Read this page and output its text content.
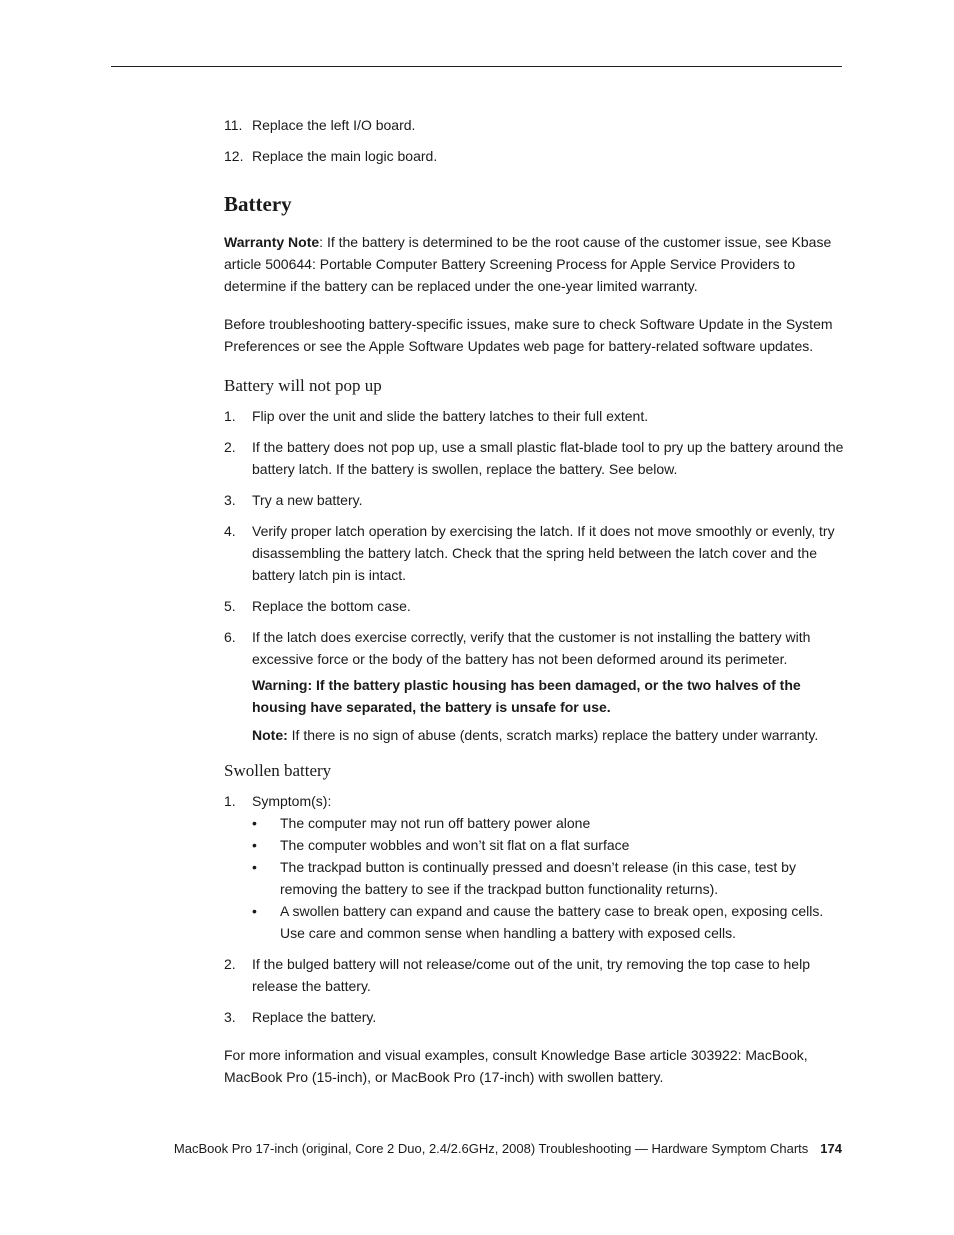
11. Replace the left I/O board.
12. Replace the main logic board.
Battery

Warranty Note: If the battery is determined to be the root cause of the customer issue, see Kbase article 500644: Portable Computer Battery Screening Process for Apple Service Providers to determine if the battery can be replaced under the one-year limited warranty.

Before troubleshooting battery-specific issues, make sure to check Software Update in the System Preferences or see the Apple Software Updates web page for battery-related software updates.

Battery will not pop up
1. Flip over the unit and slide the battery latches to their full extent.
2. If the battery does not pop up, use a small plastic flat-blade tool to pry up the battery around the battery latch. If the battery is swollen, replace the battery. See below.
3. Try a new battery.
4. Verify proper latch operation by exercising the latch. If it does not move smoothly or evenly, try disassembling the battery latch. Check that the spring held between the latch cover and the battery latch pin is intact.
5. Replace the bottom case.
6. If the latch does exercise correctly, verify that the customer is not installing the battery with excessive force or the body of the battery has not been deformed around its perimeter.

Warning: If the battery plastic housing has been damaged, or the two halves of the housing have separated, the battery is unsafe for use.

Note: If there is no sign of abuse (dents, scratch marks) replace the battery under warranty.

Swollen battery
1. Symptom(s):
• The computer may not run off battery power alone
• The computer wobbles and won’t sit flat on a flat surface
• The trackpad button is continually pressed and doesn’t release (in this case, test by removing the battery to see if the trackpad button functionality returns).
• A swollen battery can expand and cause the battery case to break open, exposing cells. Use care and common sense when handling a battery with exposed cells.
2. If the bulged battery will not release/come out of the unit, try removing the top case to help release the battery.
3. Replace the battery.

For more information and visual examples, consult Knowledge Base article 303922: MacBook, MacBook Pro (15-inch), or MacBook Pro (17-inch) with swollen battery.

MacBook Pro 17-inch (original, Core 2 Duo, 2.4/2.6GHz, 2008) Troubleshooting — Hardware Symptom Charts 174
